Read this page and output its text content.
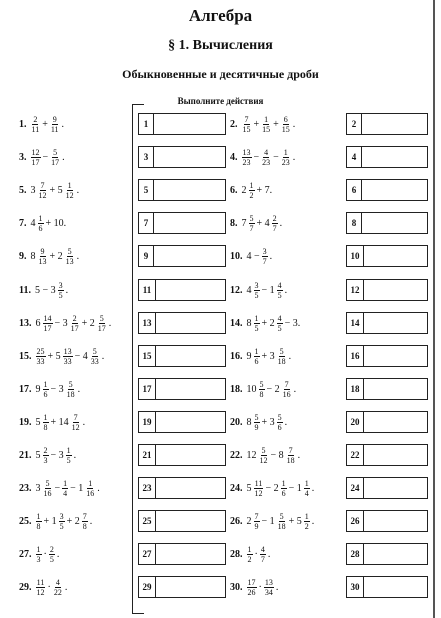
Алгебра
§ 1. Вычисления
Обыкновенные и десятичные дроби
Выполните действия
1. $\frac{2}{11} + \frac{9}{11}$ .	1	2. $\frac{7}{15} + \frac{1}{15} + \frac{6}{15}$ .	2
3. $\frac{12}{17} - \frac{5}{17}$ .	3	4. $\frac{13}{23} - \frac{4}{23} - \frac{1}{23}$ .	4
5. $3 \frac{7}{12} + 5 \frac{1}{12}$ .	5	6. $2 \frac{1}{2} + 7$.	6
7. $4 \frac{1}{6} + 10$.	7	8. $7 \frac{5}{7} + 4 \frac{2}{7}$ .	8
9. $8 \frac{9}{13} + 2 \frac{5}{13}$ .	9	10. $4 - \frac{3}{7}$ .	10
11. $5 - 3 \frac{3}{5}$ .	11	12. $4 \frac{3}{5} - 1 \frac{4}{5}$ .	12
13. $6 \frac{14}{17} - 3 \frac{2}{17} + 2 \frac{5}{17}$ .	13	14. $8 \frac{1}{5} + 2 \frac{4}{5} - 3$.	14
15. $\frac{25}{33} + 5 \frac{13}{33} - 4 \frac{5}{33}$ .	15	16. $9 \frac{1}{6} + 3 \frac{5}{18}$ .	16
17. $9 \frac{1}{6} - 3 \frac{5}{18}$ .	17	18. $10 \frac{5}{8} - 2 \frac{7}{16}$ .	18
19. $5 \frac{1}{8} + 14 \frac{7}{12}$ .	19	20. $8 \frac{5}{9} + 3 \frac{5}{6}$ .	20
21. $5 \frac{2}{3} - 3 \frac{1}{5}$ .	21	22. $12 \frac{5}{12} - 8 \frac{7}{18}$ .	22
23. $3 \frac{5}{16} - \frac{1}{4} - 1 \frac{1}{16}$ .	23	24. $5 \frac{11}{12} - 2 \frac{1}{6} - 1 \frac{1}{4}$ .	24
25. $\frac{1}{8} + 1 \frac{3}{5} + 2 \frac{7}{8}$ .	25	26. $2 \frac{7}{9} - 1 \frac{5}{18} + 5 \frac{1}{2}$ .	26
27. $\frac{1}{3} \cdot \frac{2}{5}$ .	27	28. $\frac{1}{2} \cdot \frac{4}{7}$ .	28
29. $\frac{11}{12} \cdot \frac{4}{22}$ .	29	30. $\frac{17}{26} \cdot \frac{13}{34}$ .	30
